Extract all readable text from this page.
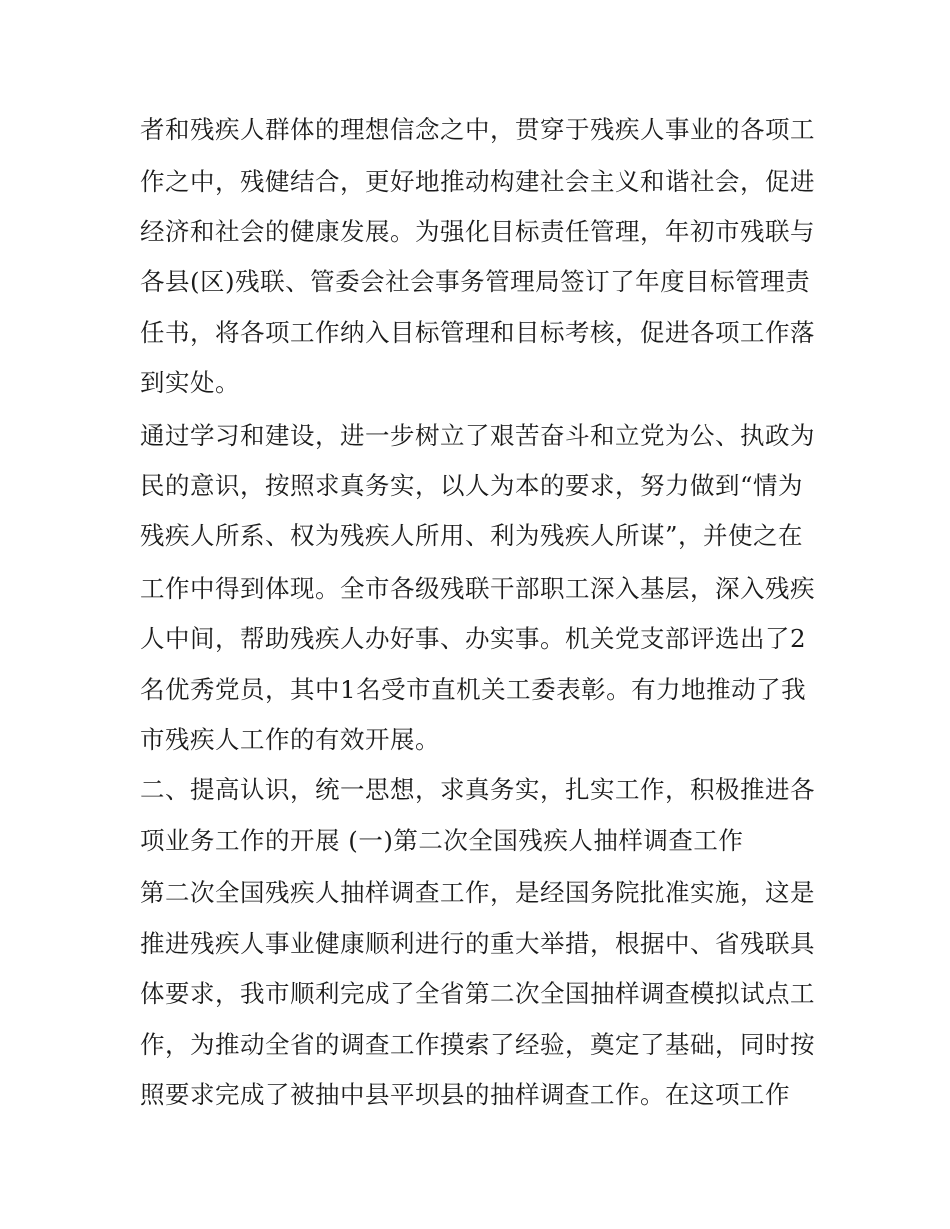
者和残疾人群体的理想信念之中，贯穿于残疾人事业的各项工
作之中，残健结合，更好地推动构建社会主义和谐社会，促进
经济和社会的健康发展。为强化目标责任管理，年初市残联与
各县(区)残联、管委会社会事务管理局签订了年度目标管理责
任书，将各项工作纳入目标管理和目标考核，促进各项工作落
到实处。
通过学习和建设，进一步树立了艰苦奋斗和立党为公、执政为
民的意识，按照求真务实，以人为本的要求，努力做到“情为
残疾人所系、权为残疾人所用、利为残疾人所谋”，并使之在
工作中得到体现。全市各级残联干部职工深入基层，深入残疾
人中间，帮助残疾人办好事、办实事。机关党支部评选出了2
名优秀党员，其中1名受市直机关工委表彰。有力地推动了我
市残疾人工作的有效开展。
二、提高认识，统一思想，求真务实，扎实工作，积极推进各
项业务工作的开展 (一)第二次全国残疾人抽样调查工作
第二次全国残疾人抽样调查工作，是经国务院批准实施，这是
推进残疾人事业健康顺利进行的重大举措，根据中、省残联具
体要求，我市顺利完成了全省第二次全国抽样调查模拟试点工
作，为推动全省的调查工作摸索了经验，奠定了基础，同时按
照要求完成了被抽中县平坝县的抽样调查工作。在这项工作
